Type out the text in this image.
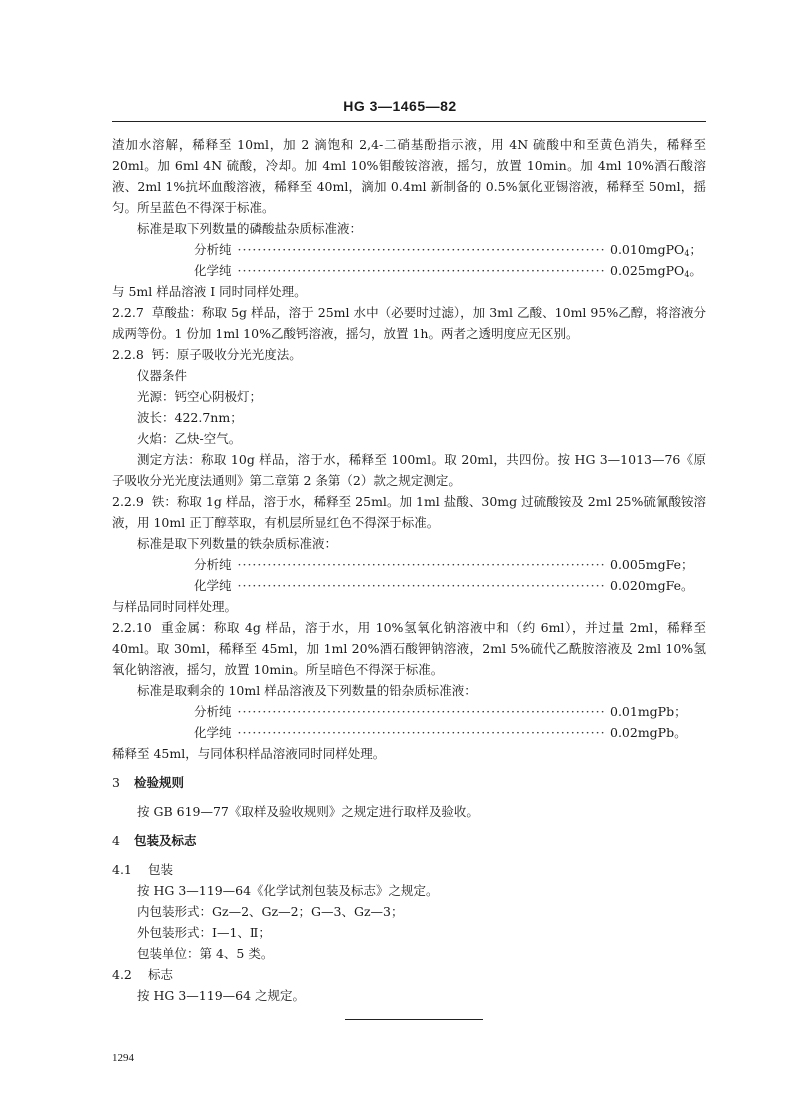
HG 3—1465—82

渣加水溶解，稀释至 10ml，加 2 滴饱和 2,4-二硝基酚指示液，用 4N 硫酸中和至黄色消失，稀释至 20ml。加 6ml 4N 硫酸，冷却。加 4ml 10%钼酸铵溶液，摇匀，放置 10min。加 4ml 10%酒石酸溶液、2ml 1%抗坏血酸溶液，稀释至 40ml，滴加 0.4ml 新制备的 0.5%氯化亚锡溶液，稀释至 50ml，摇匀。所呈蓝色不得深于标准。

标准是取下列数量的磷酸盐杂质标准液：

分析纯 ·····	0.010mgPO$_4$；
化学纯 ·····	0.025mgPO$_4$。

与 5ml 样品溶液 I 同时同样处理。

2.2.7 草酸盐：称取 5g 样品，溶于 25ml 水中（必要时过滤），加 3ml 乙酸、10ml 95%乙醇，将溶液分成两等份。1 份加 1ml 10%乙酸钙溶液，摇匀，放置 1h。两者之透明度应无区别。

2.2.8 钙：原子吸收分光光度法。

仪器条件

光源：钙空心阴极灯；

波长：422.7nm；

火焰：乙炔-空气。

测定方法：称取 10g 样品，溶于水，稀释至 100ml。取 20ml，共四份。按 HG 3—1013—76《原子吸收分光光度法通则》第二章第 2 条第（2）款之规定测定。

2.2.9 铁：称取 1g 样品，溶于水，稀释至 25ml。加 1ml 盐酸、30mg 过硫酸铵及 2ml 25%硫氰酸铵溶液，用 10ml 正丁醇萃取，有机层所显红色不得深于标准。

标准是取下列数量的铁杂质标准液：

分析纯 ·····	0.005mgFe；
化学纯 ·····	0.020mgFe。

与样品同时同样处理。

2.2.10 重金属：称取 4g 样品，溶于水，用 10%氢氧化钠溶液中和（约 6ml），并过量 2ml，稀释至 40ml。取 30ml，稀释至 45ml，加 1ml 20%酒石酸钾钠溶液，2ml 5%硫代乙酰胺溶液及 2ml 10%氢氧化钠溶液，摇匀，放置 10min。所呈暗色不得深于标准。

标准是取剩余的 10ml 样品溶液及下列数量的铅杂质标准液：

分析纯 ·····	0.01mgPb；
化学纯 ·····	0.02mgPb。

稀释至 45ml，与同体积样品溶液同时同样处理。

3 检验规则

按 GB 619—77《取样及验收规则》之规定进行取样及验收。

4 包装及标志

4.1 包装

按 HG 3—119—64《化学试剂包装及标志》之规定。

内包装形式：Gz—2、Gz—2；G—3、Gz—3；

外包装形式：Ⅰ—1、Ⅱ；

包装单位：第 4、5 类。

4.2 标志

按 HG 3—119—64 之规定。

1294
